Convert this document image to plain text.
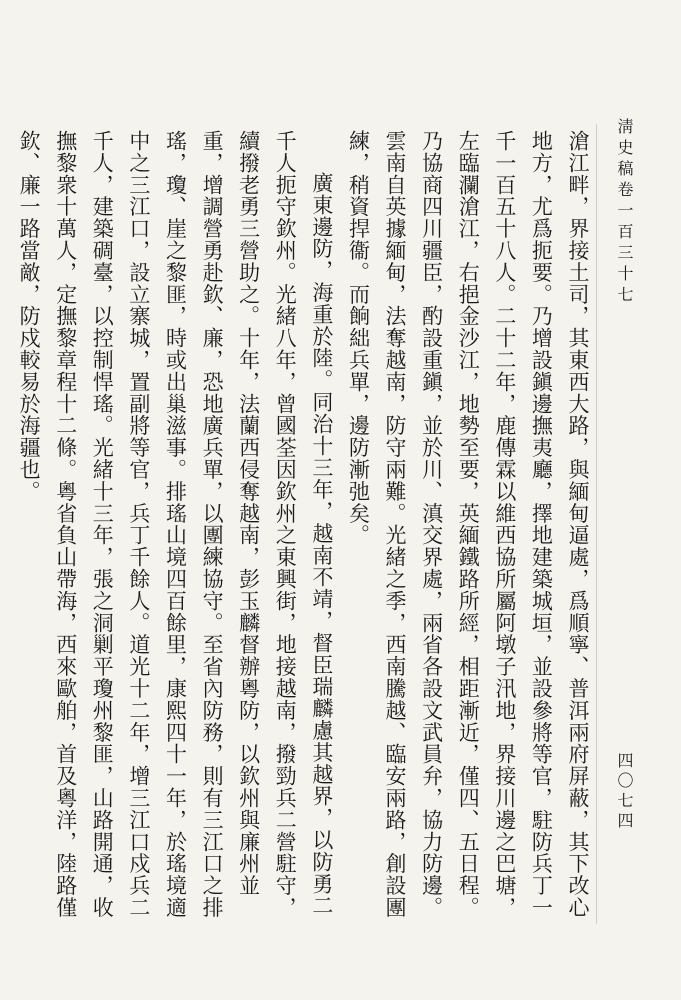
淸史稿卷一百三十七
四〇七四

滄江畔，界接土司，其東西大路，與緬甸逼處，爲順寧、普洱兩府屏蔽，其下改心地方，尤爲扼要。乃增設鎭邊撫夷廳，擇地建築城垣，並設參將等官，駐防兵丁一千一百五十八人。二十二年，鹿傳霖以維西協所屬阿墩子汛地，界接川邊之巴塘，左臨瀾滄江，右挹金沙江，地勢至要，英緬鐵路所經，相距漸近，僅四、五日程。乃協商四川疆臣，酌設重鎭，並於川、滇交界處，兩省各設文武員弁，協力防邊。雲南自英據緬甸，法奪越南，防守兩難。光緒之季，西南騰越、臨安兩路，創設團練，稍資捍衞。而餉絀兵單，邊防漸弛矣。

廣東邊防，海重於陸。同治十三年，越南不靖，督臣瑞麟慮其越界，以防勇二千人扼守欽州。光緒八年，曾國荃因欽州之東興街，地接越南，撥勁兵二營駐守，續撥老勇三營助之。十年，法蘭西侵奪越南，彭玉麟督辦粵防，以欽州與廉州並重，增調營勇赴欽、廉，恐地廣兵單，以團練協守。至省內防務，則有三江口之排瑤，瓊、崖之黎匪，時或出巢滋事。排瑤山境四百餘里，康熙四十一年，於瑤境適中之三江口，設立寨城，置副將等官，兵丁千餘人。道光十二年，增三江口戍兵二千人，建築碉臺，以控制悍瑤。光緒十三年，張之洞剿平瓊州黎匪，山路開通，收撫黎衆十萬人，定撫黎章程十二條。粵省負山帶海，西來歐舶，首及粵洋，陸路僅欽、廉一路當敵，防戍較易於海疆也。
